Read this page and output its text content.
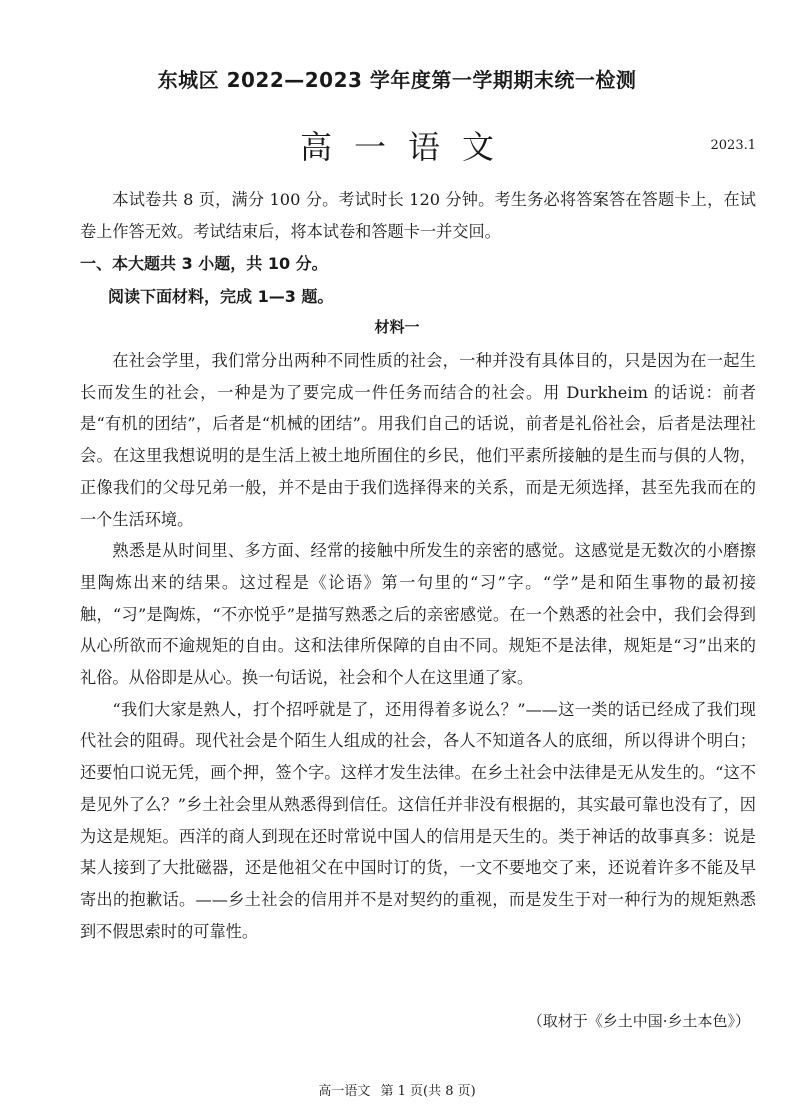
东城区 2022—2023 学年度第一学期期末统一检测
高一语文	2023.1
本试卷共 8 页，满分 100 分。考试时长 120 分钟。考生务必将答案答在答题卡上，在试卷上作答无效。考试结束后，将本试卷和答题卡一并交回。
一、本大题共 3 小题，共 10 分。
阅读下面材料，完成 1—3 题。
材料一

在社会学里，我们常分出两种不同性质的社会，一种并没有具体目的，只是因为在一起生长而发生的社会，一种是为了要完成一件任务而结合的社会。用 Durkheim 的话说：前者是“有机的团结”，后者是“机械的团结”。用我们自己的话说，前者是礼俗社会，后者是法理社会。在这里我想说明的是生活上被土地所囿住的乡民，他们平素所接触的是生而与俱的人物，正像我们的父母兄弟一般，并不是由于我们选择得来的关系，而是无须选择，甚至先我而在的一个生活环境。

熟悉是从时间里、多方面、经常的接触中所发生的亲密的感觉。这感觉是无数次的小磨擦里陶炼出来的结果。这过程是《论语》第一句里的“习”字。“学”是和陌生事物的最初接触，“习”是陶炼，“不亦悦乎”是描写熟悉之后的亲密感觉。在一个熟悉的社会中，我们会得到从心所欲而不逾规矩的自由。这和法律所保障的自由不同。规矩不是法律，规矩是“习”出来的礼俗。从俗即是从心。换一句话说，社会和个人在这里通了家。

“我们大家是熟人，打个招呼就是了，还用得着多说么？”——这一类的话已经成了我们现代社会的阻碍。现代社会是个陌生人组成的社会，各人不知道各人的底细，所以得讲个明白；还要怕口说无凭，画个押，签个字。这样才发生法律。在乡土社会中法律是无从发生的。“这不是见外了么？”乡土社会里从熟悉得到信任。这信任并非没有根据的，其实最可靠也没有了，因为这是规矩。西洋的商人到现在还时常说中国人的信用是天生的。类于神话的故事真多：说是某人接到了大批磁器，还是他祖父在中国时订的货，一文不要地交了来，还说着许多不能及早寄出的抱歉话。——乡土社会的信用并不是对契约的重视，而是发生于对一种行为的规矩熟悉到不假思索时的可靠性。

（取材于《乡土中国·乡土本色》）
高一语文 第 1 页(共 8 页)
